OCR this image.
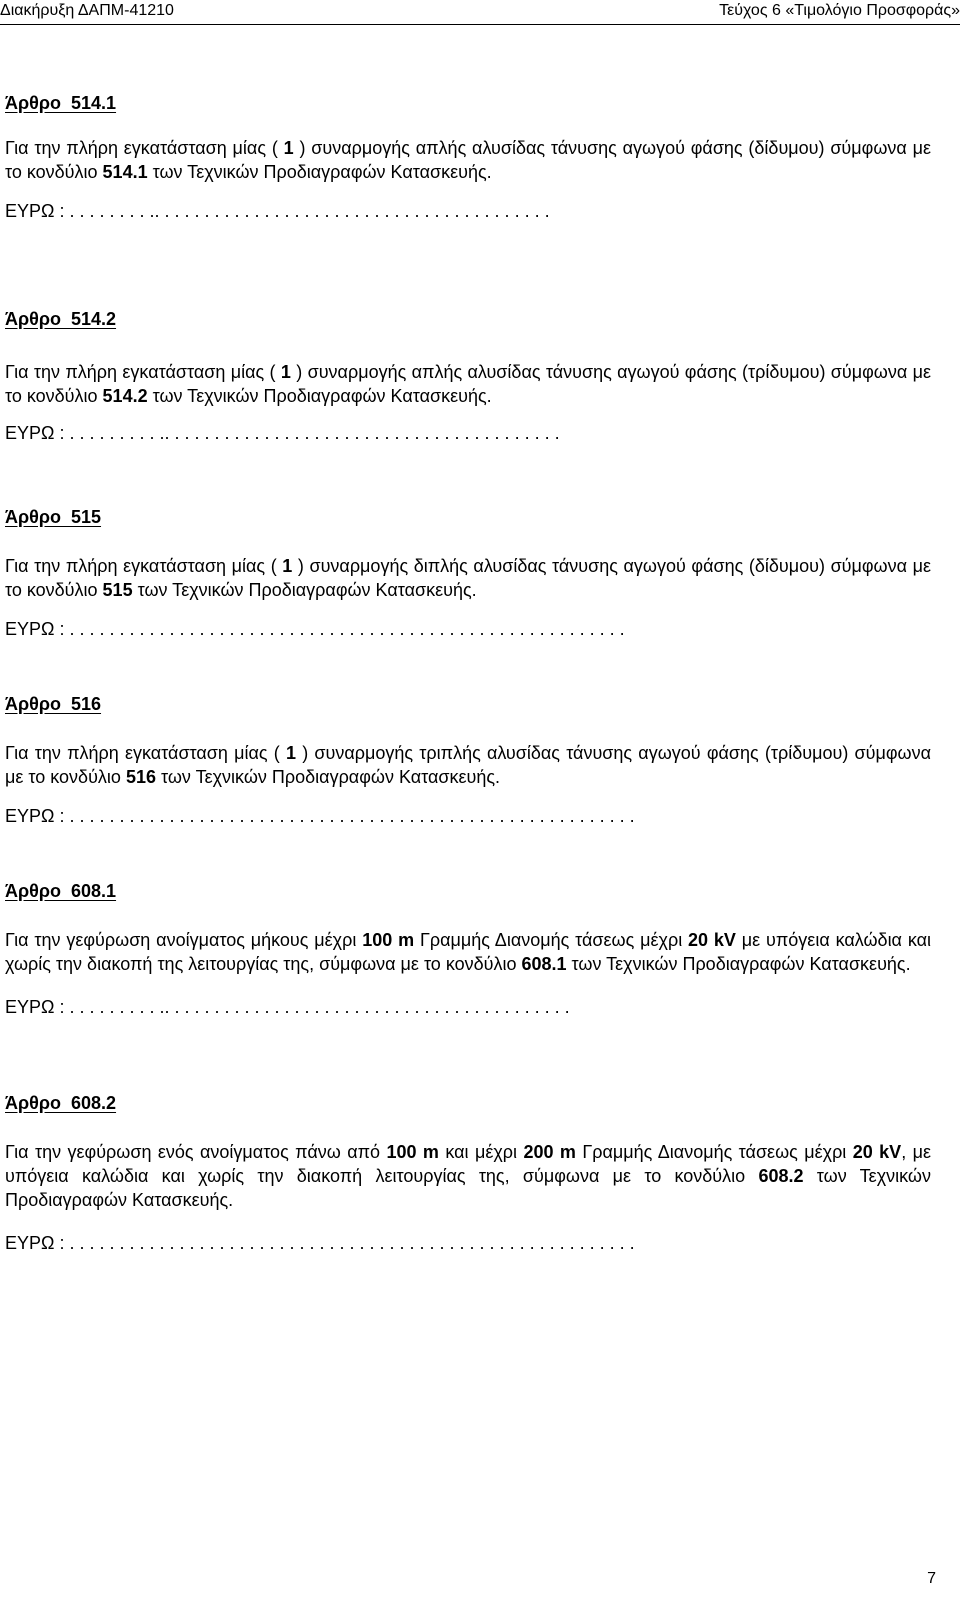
Διακήρυξη ΔΑΠΜ-41210	Τεύχος 6 «Τιμολόγιο Προσφοράς»

Άρθρο  514.1

Για την πλήρη εγκατάσταση μίας ( 1 ) συναρμογής απλής αλυσίδας τάνυσης αγωγού φάσης (δίδυμου) σύμφωνα με το κονδύλιο 514.1 των Τεχνικών Προδιαγραφών Κατασκευής.

ΕΥΡΩ : . . . . . . . . .. . . . . . . . . . . . . . . . . . . . . . . . . . . . . . . . . . . . . . . .

Άρθρο  514.2

Για την πλήρη εγκατάσταση μίας ( 1 ) συναρμογής απλής αλυσίδας τάνυσης αγωγού φάσης (τρίδυμου) σύμφωνα με το κονδύλιο 514.2 των Τεχνικών Προδιαγραφών Κατασκευής.

ΕΥΡΩ : . . . . . . . . . .. . . . . . . . . . . . . . . . . . . . . . . . . . . . . . . . . . . . . . . .

Άρθρο  515

Για την πλήρη εγκατάσταση μίας ( 1 ) συναρμογής διπλής αλυσίδας τάνυσης αγωγού φάσης (δίδυμου) σύμφωνα με το κονδύλιο 515 των Τεχνικών Προδιαγραφών Κατασκευής.

ΕΥΡΩ : . . . . . . . . . . . . . . . . . . . . . . . . . . . . . . . . . . . . . . . . . . . . . . . . . . . . . . . .

Άρθρο  516

Για την πλήρη εγκατάσταση μίας ( 1 ) συναρμογής τριπλής αλυσίδας τάνυσης αγωγού φάσης (τρίδυμου) σύμφωνα με το κονδύλιο 516 των Τεχνικών Προδιαγραφών Κατασκευής.

ΕΥΡΩ : . . . . . . . . . . . . . . . . . . . . . . . . . . . . . . . . . . . . . . . . . . . . . . . . . . . . . . . . .

Άρθρο  608.1

Για την γεφύρωση ανοίγματος μήκους μέχρι 100 m Γραμμής Διανομής τάσεως μέχρι 20 kV με υπόγεια καλώδια και χωρίς την διακοπή της λειτουργίας της, σύμφωνα με το κονδύλιο 608.1 των Τεχνικών Προδιαγραφών Κατασκευής.

ΕΥΡΩ : . . . . . . . . . .. . . . . . . . . . . . . . . . . . . . . . . . . . . . . . . . . . . . . . . . .

Άρθρο  608.2

Για την γεφύρωση ενός ανοίγματος πάνω από 100 m και μέχρι 200 m Γραμμής Διανομής τάσεως μέχρι 20 kV, με υπόγεια καλώδια και χωρίς την διακοπή λειτουργίας της, σύμφωνα με το κονδύλιο 608.2 των Τεχνικών Προδιαγραφών Κατασκευής.

ΕΥΡΩ : . . . . . . . . . . . . . . . . . . . . . . . . . . . . . . . . . . . . . . . . . . . . . . . . . . . . . . . . .

7
